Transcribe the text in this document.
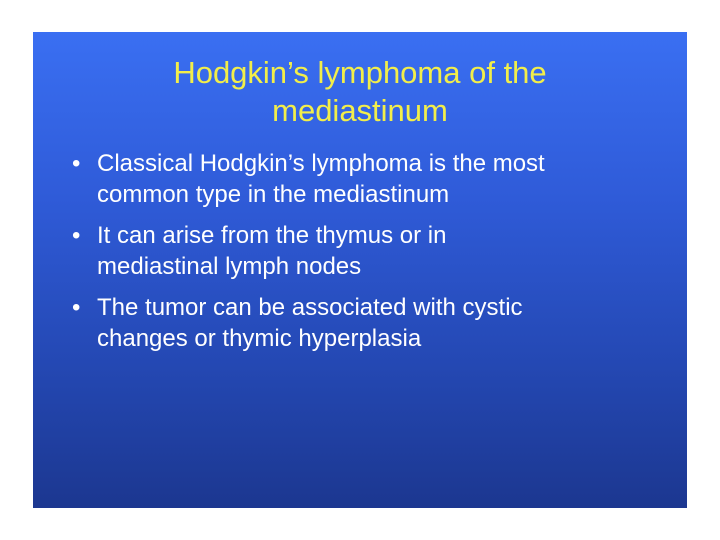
Hodgkin’s lymphoma of the
mediastinum
• Classical Hodgkin’s lymphoma is the most
common type in the mediastinum
• It can arise from the thymus or in
mediastinal lymph nodes
• The tumor can be associated with cystic
changes or thymic hyperplasia
